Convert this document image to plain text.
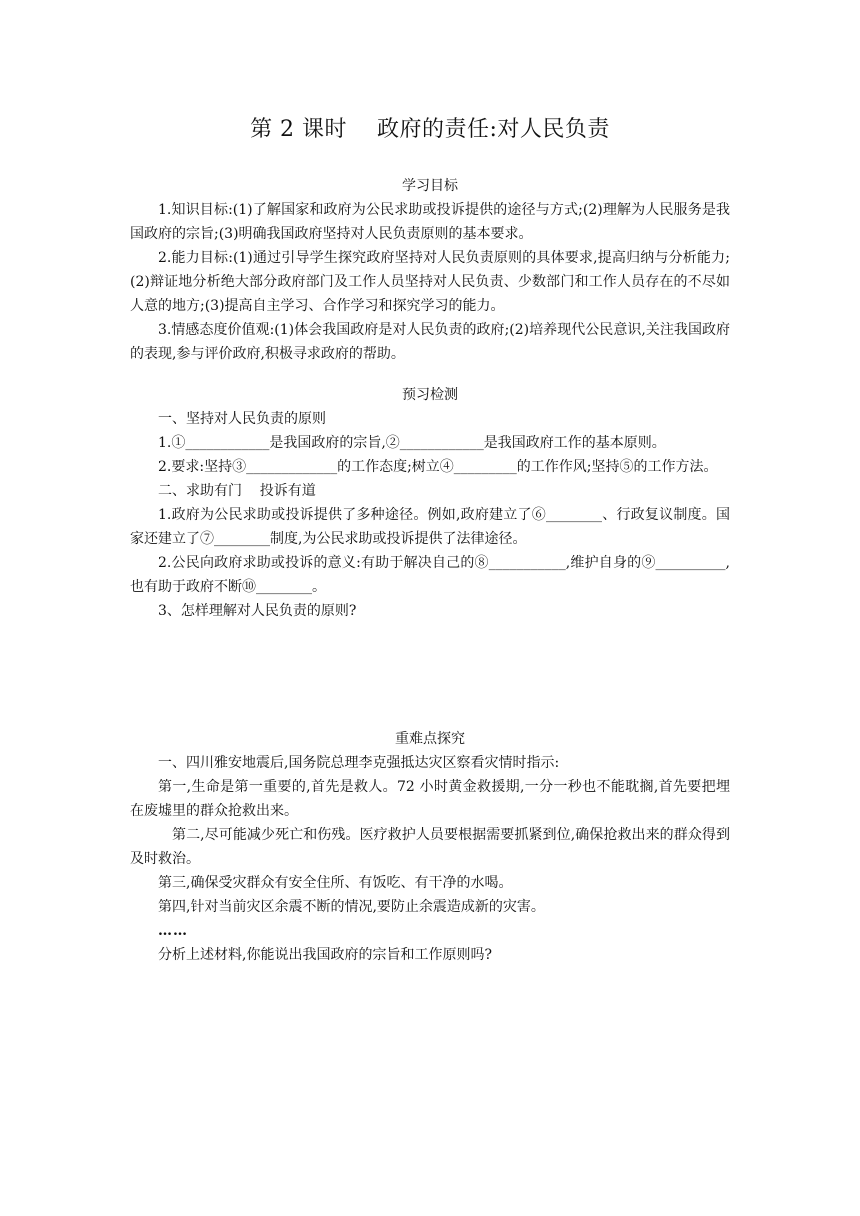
第 2 课时    政府的责任:对人民负责

学习目标

1.知识目标:(1)了解国家和政府为公民求助或投诉提供的途径与方式;(2)理解为人民服务是我国政府的宗旨;(3)明确我国政府坚持对人民负责原则的基本要求。

2.能力目标:(1)通过引导学生探究政府坚持对人民负责原则的具体要求,提高归纳与分析能力;(2)辩证地分析绝大部分政府部门及工作人员坚持对人民负责、少数部门和工作人员存在的不尽如人意的地方;(3)提高自主学习、合作学习和探究学习的能力。

3.情感态度价值观:(1)体会我国政府是对人民负责的政府;(2)培养现代公民意识,关注我国政府的表现,参与评价政府,积极寻求政府的帮助。

预习检测

一、坚持对人民负责的原则

1.①____________是我国政府的宗旨,②____________是我国政府工作的基本原则。

2.要求:坚持③_____________的工作态度;树立④_________的工作作风;坚持⑤的工作方法。

二、求助有门    投诉有道

1.政府为公民求助或投诉提供了多种途径。例如,政府建立了⑥________、行政复议制度。国家还建立了⑦________制度,为公民求助或投诉提供了法律途径。

2.公民向政府求助或投诉的意义:有助于解决自己的⑧___________,维护自身的⑨__________,也有助于政府不断⑩________。

3、怎样理解对人民负责的原则?

重难点探究

一、四川雅安地震后,国务院总理李克强抵达灾区察看灾情时指示:

第一,生命是第一重要的,首先是救人。72 小时黄金救援期,一分一秒也不能耽搁,首先要把埋在废墟里的群众抢救出来。

第二,尽可能减少死亡和伤残。医疗救护人员要根据需要抓紧到位,确保抢救出来的群众得到及时救治。

第三,确保受灾群众有安全住所、有饭吃、有干净的水喝。

第四,针对当前灾区余震不断的情况,要防止余震造成新的灾害。

……

分析上述材料,你能说出我国政府的宗旨和工作原则吗?
